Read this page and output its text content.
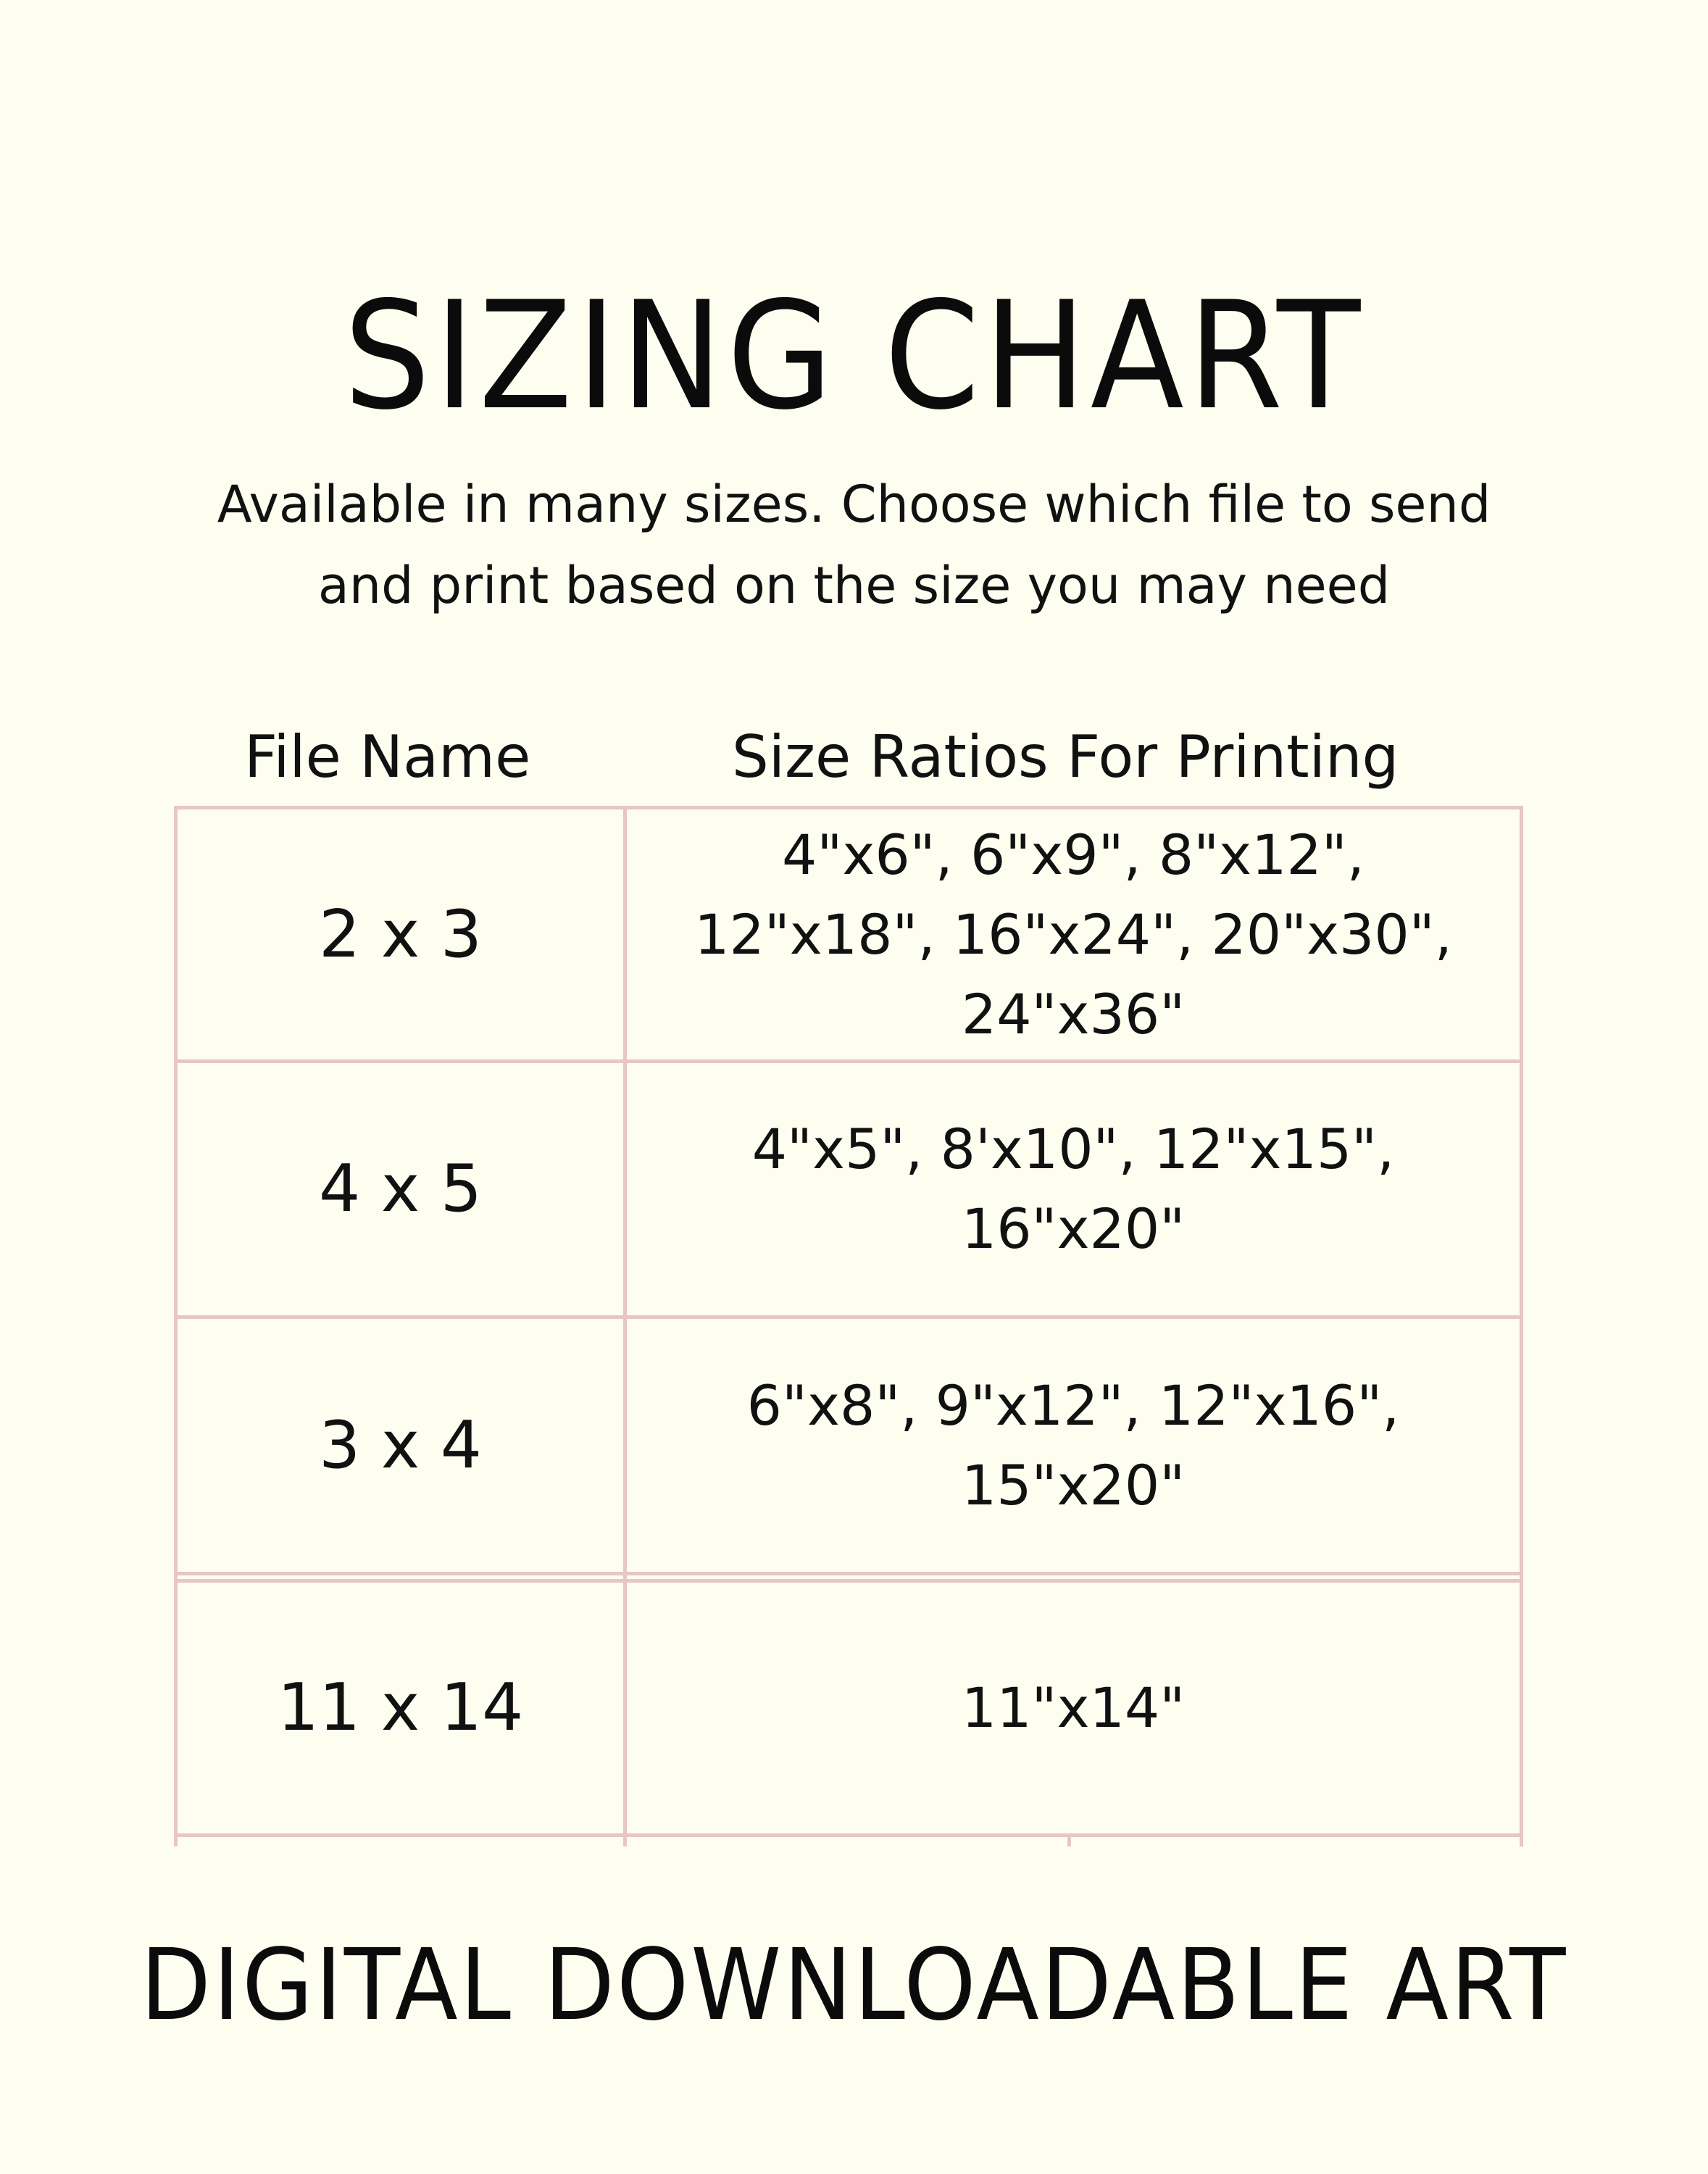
SIZING CHART
Available in many sizes. Choose which file to send and print based on the size you may need
File Name	Size Ratios For Printing
2 x 3
4"x6", 6"x9", 8"x12", 12"x18", 16"x24", 20"x30", 24"x36"
4 x 5
4"x5", 8'x10", 12"x15", 16"x20"
3 x 4
6"x8", 9"x12", 12"x16", 15"x20"
11 x 14	11"x14"
DIGITAL DOWNLOADABLE ART
